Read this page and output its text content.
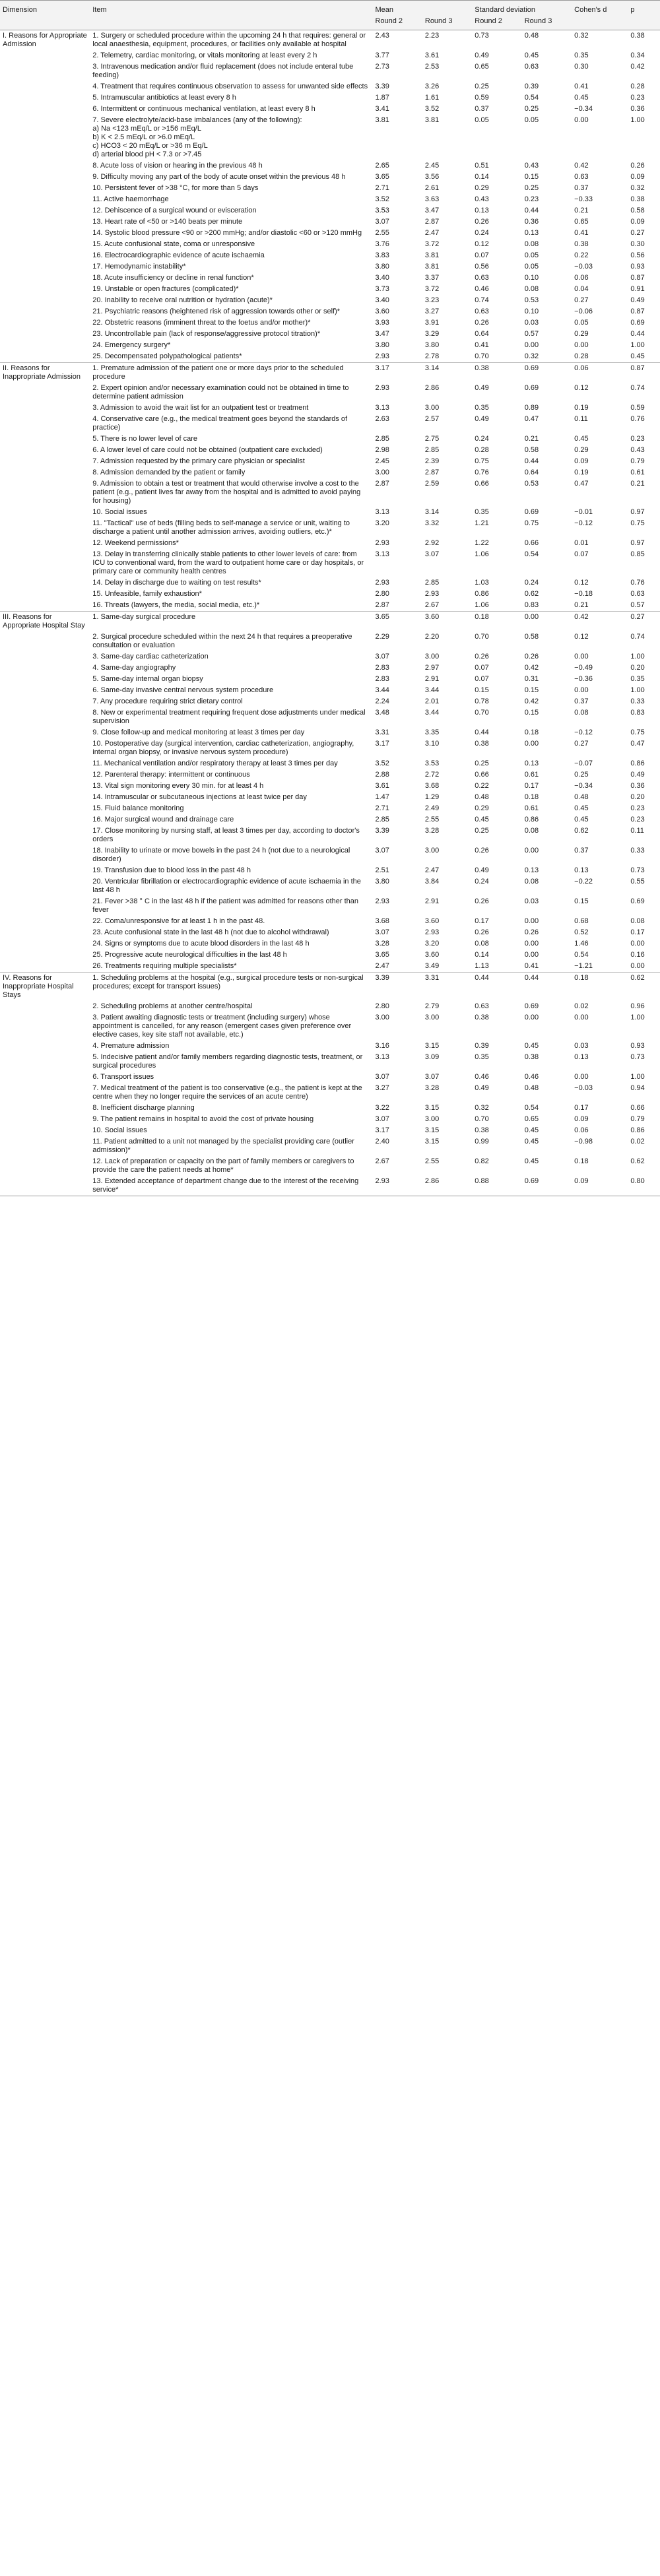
Dimension	Item	Mean		Standard deviation		Cohen's d	p
		Round 2	Round 3	Round 2	Round 3		
I. Reasons for Appropriate Admission	1. Surgery or scheduled procedure within the upcoming 24 h that requires: general or local anaesthesia, equipment, procedures, or facilities only available at hospital	2.43	2.23	0.73	0.48	0.32	0.38
	2. Telemetry, cardiac monitoring, or vitals monitoring at least every 2 h	3.77	3.61	0.49	0.45	0.35	0.34
	3. Intravenous medication and/or fluid replacement (does not include enteral tube feeding)	2.73	2.53	0.65	0.63	0.30	0.42
	4. Treatment that requires continuous observation to assess for unwanted side effects	3.39	3.26	0.25	0.39	0.41	0.28
	5. Intramuscular antibiotics at least every 8 h	1.87	1.61	0.59	0.54	0.45	0.23
	6. Intermittent or continuous mechanical ventilation, at least every 8 h	3.41	3.52	0.37	0.25	−0.34	0.36
	7. Severe electrolyte/acid-base imbalances (any of the following):
a) Na <123 mEq/L or >156 mEq/L
b) K < 2.5 mEq/L or >6.0 mEq/L
c) HCO3 < 20 mEq/L or >36 m Eq/L
d) arterial blood pH < 7.3 or >7.45	3.81	3.81	0.05	0.05	0.00	1.00
	8. Acute loss of vision or hearing in the previous 48 h	2.65	2.45	0.51	0.43	0.42	0.26
	9. Difficulty moving any part of the body of acute onset within the previous 48 h	3.65	3.56	0.14	0.15	0.63	0.09
	10. Persistent fever of >38 °C, for more than 5 days	2.71	2.61	0.29	0.25	0.37	0.32
	11. Active haemorrhage	3.52	3.63	0.43	0.23	−0.33	0.38
	12. Dehiscence of a surgical wound or evisceration	3.53	3.47	0.13	0.44	0.21	0.58
	13. Heart rate of <50 or >140 beats per minute	3.07	2.87	0.26	0.36	0.65	0.09
	14. Systolic blood pressure <90 or >200 mmHg; and/or diastolic <60 or >120 mmHg	2.55	2.47	0.24	0.13	0.41	0.27
	15. Acute confusional state, coma or unresponsive	3.76	3.72	0.12	0.08	0.38	0.30
	16. Electrocardiographic evidence of acute ischaemia	3.83	3.81	0.07	0.05	0.22	0.56
	17. Hemodynamic instability*	3.80	3.81	0.56	0.05	−0.03	0.93
	18. Acute insufficiency or decline in renal function*	3.40	3.37	0.63	0.10	0.06	0.87
	19. Unstable or open fractures (complicated)*	3.73	3.72	0.46	0.08	0.04	0.91
	20. Inability to receive oral nutrition or hydration (acute)*	3.40	3.23	0.74	0.53	0.27	0.49
	21. Psychiatric reasons (heightened risk of aggression towards other or self)*	3.60	3.27	0.63	0.10	−0.06	0.87
	22. Obstetric reasons (imminent threat to the foetus and/or mother)*	3.93	3.91	0.26	0.03	0.05	0.69
	23. Uncontrollable pain (lack of response/aggressive protocol titration)*	3.47	3.29	0.64	0.57	0.29	0.44
	24. Emergency surgery*	3.80	3.80	0.41	0.00	0.00	1.00
	25. Decompensated polypathological patients*	2.93	2.78	0.70	0.32	0.28	0.45
II. Reasons for Inappropriate Admission	1. Premature admission of the patient one or more days prior to the scheduled procedure	3.17	3.14	0.38	0.69	0.06	0.87
	2. Expert opinion and/or necessary examination could not be obtained in time to determine patient admission	2.93	2.86	0.49	0.69	0.12	0.74
	3. Admission to avoid the wait list for an outpatient test or treatment	3.13	3.00	0.35	0.89	0.19	0.59
	4. Conservative care (e.g., the medical treatment goes beyond the standards of practice)	2.63	2.57	0.49	0.47	0.11	0.76
	5. There is no lower level of care	2.85	2.75	0.24	0.21	0.45	0.23
	6. A lower level of care could not be obtained (outpatient care excluded)	2.98	2.85	0.28	0.58	0.29	0.43
	7. Admission requested by the primary care physician or specialist	2.45	2.39	0.75	0.44	0.09	0.79
	8. Admission demanded by the patient or family	3.00	2.87	0.76	0.64	0.19	0.61
	9. Admission to obtain a test or treatment that would otherwise involve a cost to the patient (e.g., patient lives far away from the hospital and is admitted to avoid paying for housing)	2.87	2.59	0.66	0.53	0.47	0.21
	10. Social issues	3.13	3.14	0.35	0.69	−0.01	0.97
	11. "Tactical" use of beds (filling beds to self-manage a service or unit, waiting to discharge a patient until another admission arrives, avoiding outliers, etc.)*	3.20	3.32	1.21	0.75	−0.12	0.75
	12. Weekend permissions*	2.93	2.92	1.22	0.66	0.01	0.97
	13. Delay in transferring clinically stable patients to other lower levels of care: from ICU to conventional ward, from the ward to outpatient home care or day hospitals, or primary care or community health centres	3.13	3.07	1.06	0.54	0.07	0.85
	14. Delay in discharge due to waiting on test results*	2.93	2.85	1.03	0.24	0.12	0.76
	15. Unfeasible, family exhaustion*	2.80	2.93	0.86	0.62	−0.18	0.63
	16. Threats (lawyers, the media, social media, etc.)*	2.87	2.67	1.06	0.83	0.21	0.57
III. Reasons for Appropriate Hospital Stay	1. Same-day surgical procedure	3.65	3.60	0.18	0.00	0.42	0.27
	2. Surgical procedure scheduled within the next 24 h that requires a preoperative consultation or evaluation	2.29	2.20	0.70	0.58	0.12	0.74
	3. Same-day cardiac catheterization	3.07	3.00	0.26	0.26	0.00	1.00
	4. Same-day angiography	2.83	2.97	0.07	0.42	−0.49	0.20
	5. Same-day internal organ biopsy	2.83	2.91	0.07	0.31	−0.36	0.35
	6. Same-day invasive central nervous system procedure	3.44	3.44	0.15	0.15	0.00	1.00
	7. Any procedure requiring strict dietary control	2.24	2.01	0.78	0.42	0.37	0.33
	8. New or experimental treatment requiring frequent dose adjustments under medical supervision	3.48	3.44	0.70	0.15	0.08	0.83
	9. Close follow-up and medical monitoring at least 3 times per day	3.31	3.35	0.44	0.18	−0.12	0.75
	10. Postoperative day (surgical intervention, cardiac catheterization, angiography, internal organ biopsy, or invasive nervous system procedure)	3.17	3.10	0.38	0.00	0.27	0.47
	11. Mechanical ventilation and/or respiratory therapy at least 3 times per day	3.52	3.53	0.25	0.13	−0.07	0.86
	12. Parenteral therapy: intermittent or continuous	2.88	2.72	0.66	0.61	0.25	0.49
	13. Vital sign monitoring every 30 min. for at least 4 h	3.61	3.68	0.22	0.17	−0.34	0.36
	14. Intramuscular or subcutaneous injections at least twice per day	1.47	1.29	0.48	0.18	0.48	0.20
	15. Fluid balance monitoring	2.71	2.49	0.29	0.61	0.45	0.23
	16. Major surgical wound and drainage care	2.85	2.55	0.45	0.86	0.45	0.23
	17. Close monitoring by nursing staff, at least 3 times per day, according to doctor's orders	3.39	3.28	0.25	0.08	0.62	0.11
	18. Inability to urinate or move bowels in the past 24 h (not due to a neurological disorder)	3.07	3.00	0.26	0.00	0.37	0.33
	19. Transfusion due to blood loss in the past 48 h	2.51	2.47	0.49	0.13	0.13	0.73
	20. Ventricular fibrillation or electrocardiographic evidence of acute ischaemia in the last 48 h	3.80	3.84	0.24	0.08	−0.22	0.55
	21. Fever >38 ° C in the last 48 h if the patient was admitted for reasons other than fever	2.93	2.91	0.26	0.03	0.15	0.69
	22. Coma/unresponsive for at least 1 h in the past 48.	3.68	3.60	0.17	0.00	0.68	0.08
	23. Acute confusional state in the last 48 h (not due to alcohol withdrawal)	3.07	2.93	0.26	0.26	0.52	0.17
	24. Signs or symptoms due to acute blood disorders in the last 48 h	3.28	3.20	0.08	0.00	1.46	0.00
	25. Progressive acute neurological difficulties in the last 48 h	3.65	3.60	0.14	0.00	0.54	0.16
	26. Treatments requiring multiple specialists*	2.47	3.49	1.13	0.41	−1.21	0.00
IV. Reasons for Inappropriate Hospital Stays	1. Scheduling problems at the hospital (e.g., surgical procedure tests or non-surgical procedures; except for transport issues)	3.39	3.31	0.44	0.44	0.18	0.62
	2. Scheduling problems at another centre/hospital	2.80	2.79	0.63	0.69	0.02	0.96
	3. Patient awaiting diagnostic tests or treatment (including surgery) whose appointment is cancelled, for any reason (emergent cases given preference over elective cases, key site staff not available, etc.)	3.00	3.00	0.38	0.00	0.00	1.00
	4. Premature admission	3.16	3.15	0.39	0.45	0.03	0.93
	5. Indecisive patient and/or family members regarding diagnostic tests, treatment, or surgical procedures	3.13	3.09	0.35	0.38	0.13	0.73
	6. Transport issues	3.07	3.07	0.46	0.46	0.00	1.00
	7. Medical treatment of the patient is too conservative (e.g., the patient is kept at the centre when they no longer require the services of an acute centre)	3.27	3.28	0.49	0.48	−0.03	0.94
	8. Inefficient discharge planning	3.22	3.15	0.32	0.54	0.17	0.66
	9. The patient remains in hospital to avoid the cost of private housing	3.07	3.00	0.70	0.65	0.09	0.79
	10. Social issues	3.17	3.15	0.38	0.45	0.06	0.86
	11. Patient admitted to a unit not managed by the specialist providing care (outlier admission)*	2.40	3.15	0.99	0.45	−0.98	0.02
	12. Lack of preparation or capacity on the part of family members or caregivers to provide the care the patient needs at home*	2.67	2.55	0.82	0.45	0.18	0.62
	13. Extended acceptance of department change due to the interest of the receiving service*	2.93	2.86	0.88	0.69	0.09	0.80
